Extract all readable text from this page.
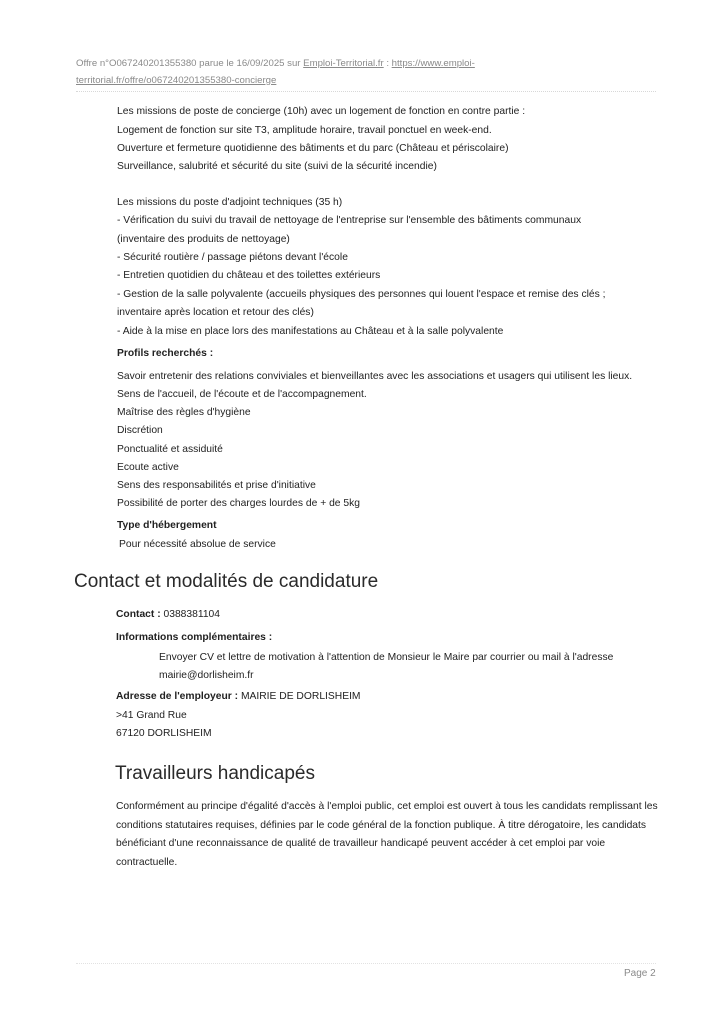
Offre n°O067240201355380 parue le 16/09/2025 sur Emploi-Territorial.fr : https://www.emploi-
territorial.fr/offre/o067240201355380-concierge
Les missions de poste de concierge (10h) avec un logement de fonction en contre partie :
Logement de fonction sur site T3, amplitude horaire, travail ponctuel en week-end.
Ouverture et fermeture quotidienne des bâtiments et du parc (Château et périscolaire)
Surveillance, salubrité et sécurité du site (suivi de la sécurité incendie)
Les missions du poste d'adjoint techniques (35 h)
- Vérification du suivi du travail de nettoyage de l'entreprise sur l'ensemble des bâtiments communaux
(inventaire des produits de nettoyage)
- Sécurité routière / passage piétons devant l'école
- Entretien quotidien du château et des toilettes extérieurs
- Gestion de la salle polyvalente (accueils physiques des personnes qui louent l'espace et remise des clés ;
inventaire après location et retour des clés)
- Aide à la mise en place lors des manifestations au Château et à la salle polyvalente
Profils recherchés :
Savoir entretenir des relations conviviales et bienveillantes avec les associations et usagers qui utilisent les lieux.
Sens de l'accueil, de l'écoute et de l'accompagnement.
Maîtrise des règles d'hygiène
Discrétion
Ponctualité et assiduité
Ecoute active
Sens des responsabilités et prise d'initiative
Possibilité de porter des charges lourdes de + de 5kg
Type d'hébergement
Pour nécessité absolue de service
Contact et modalités de candidature
Contact : 0388381104
Informations complémentaires :
Envoyer CV et lettre de motivation à l'attention de Monsieur le Maire par courrier ou mail à l'adresse
mairie@dorlisheim.fr
Adresse de l'employeur : MAIRIE DE DORLISHEIM
>41 Grand Rue
67120 DORLISHEIM
Travailleurs handicapés
Conformément au principe d'égalité d'accès à l'emploi public, cet emploi est ouvert à tous les candidats remplissant les conditions statutaires requises, définies par le code général de la fonction publique. À titre dérogatoire, les candidats bénéficiant d'une reconnaissance de qualité de travailleur handicapé peuvent accéder à cet emploi par voie contractuelle.
Page 2
